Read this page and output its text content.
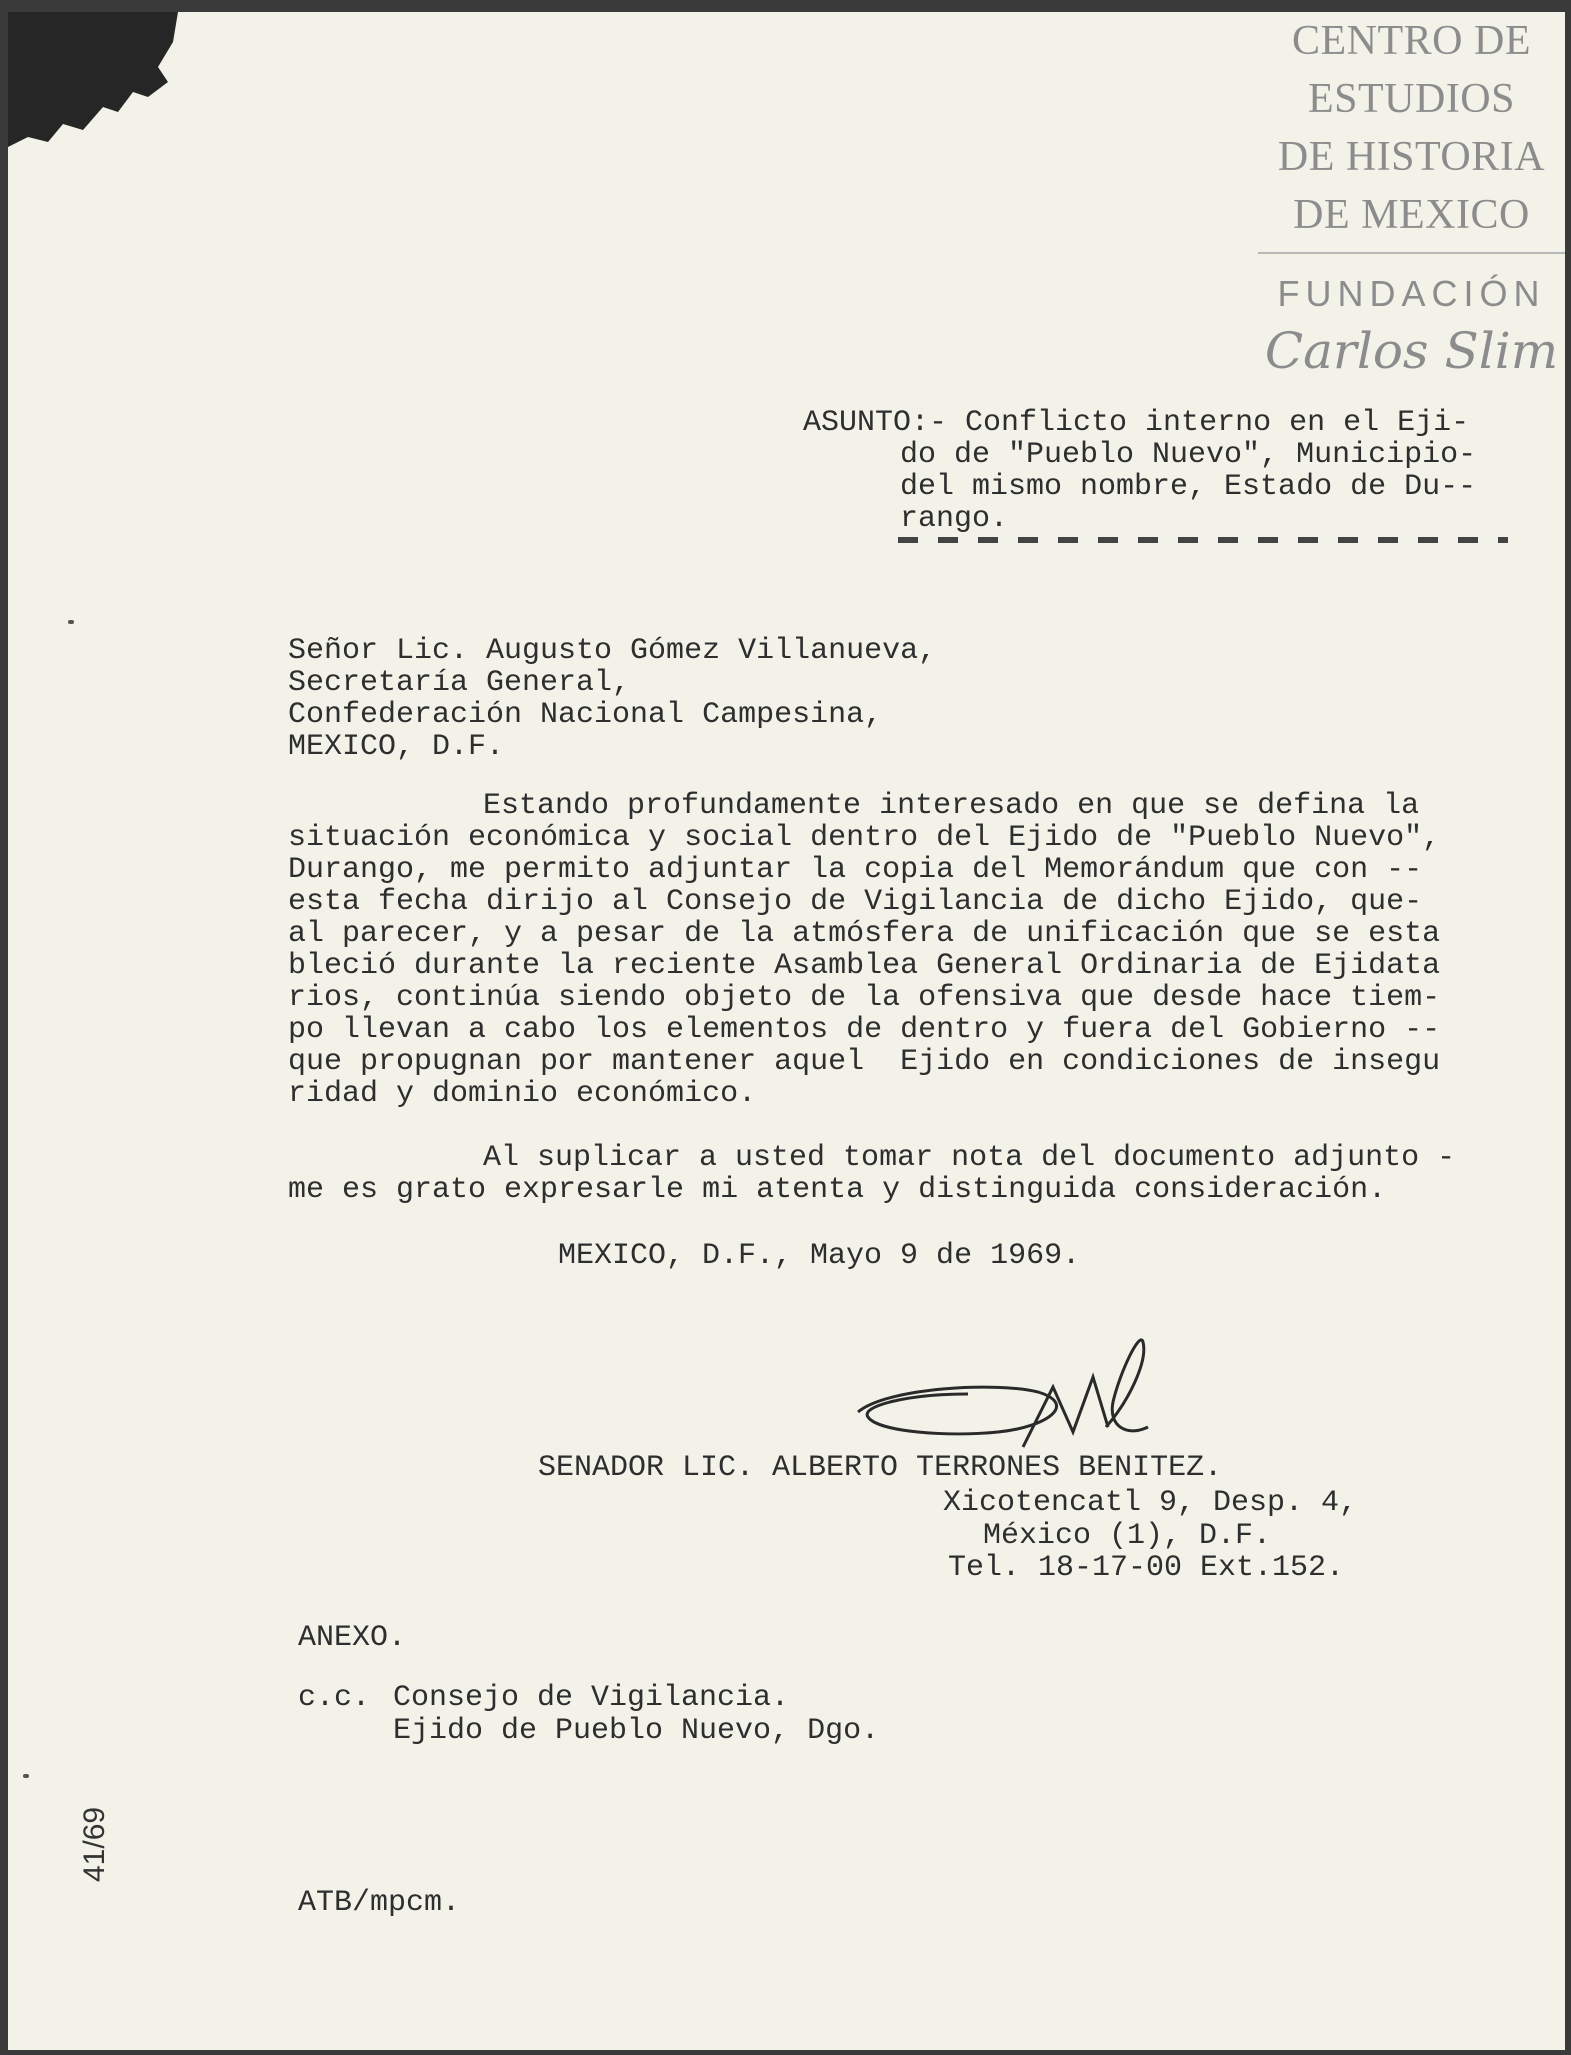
CENTRO DE
ESTUDIOS
DE HISTORIA
DE MEXICO
FUNDACIÓN
Carlos Slim
ASUNTO:- Conflicto interno en el Eji-
do de "Pueblo Nuevo", Municipio-
del mismo nombre, Estado de Du--
rango.
Señor Lic. Augusto Gómez Villanueva,
Secretaría General,
Confederación Nacional Campesina,
MEXICO, D.F.
Estando profundamente interesado en que se defina la
situación económica y social dentro del Ejido de "Pueblo Nuevo",
Durango, me permito adjuntar la copia del Memorándum que con --
esta fecha dirijo al Consejo de Vigilancia de dicho Ejido, que-
al parecer, y a pesar de la atmósfera de unificación que se esta
bleció durante la reciente Asamblea General Ordinaria de Ejidata
rios, continúa siendo objeto de la ofensiva que desde hace tiem-
po llevan a cabo los elementos de dentro y fuera del Gobierno --
que propugnan por mantener aquel  Ejido en condiciones de insegu
ridad y dominio económico.
Al suplicar a usted tomar nota del documento adjunto -
me es grato expresarle mi atenta y distinguida consideración.
MEXICO, D.F., Mayo 9 de 1969.
SENADOR LIC. ALBERTO TERRONES BENITEZ.
Xicotencatl 9, Desp. 4,
México (1), D.F.
Tel. 18-17-00 Ext.152.
ANEXO.
c.c. Consejo de Vigilancia.
Ejido de Pueblo Nuevo, Dgo.
ATB/mpcm.
41/69
